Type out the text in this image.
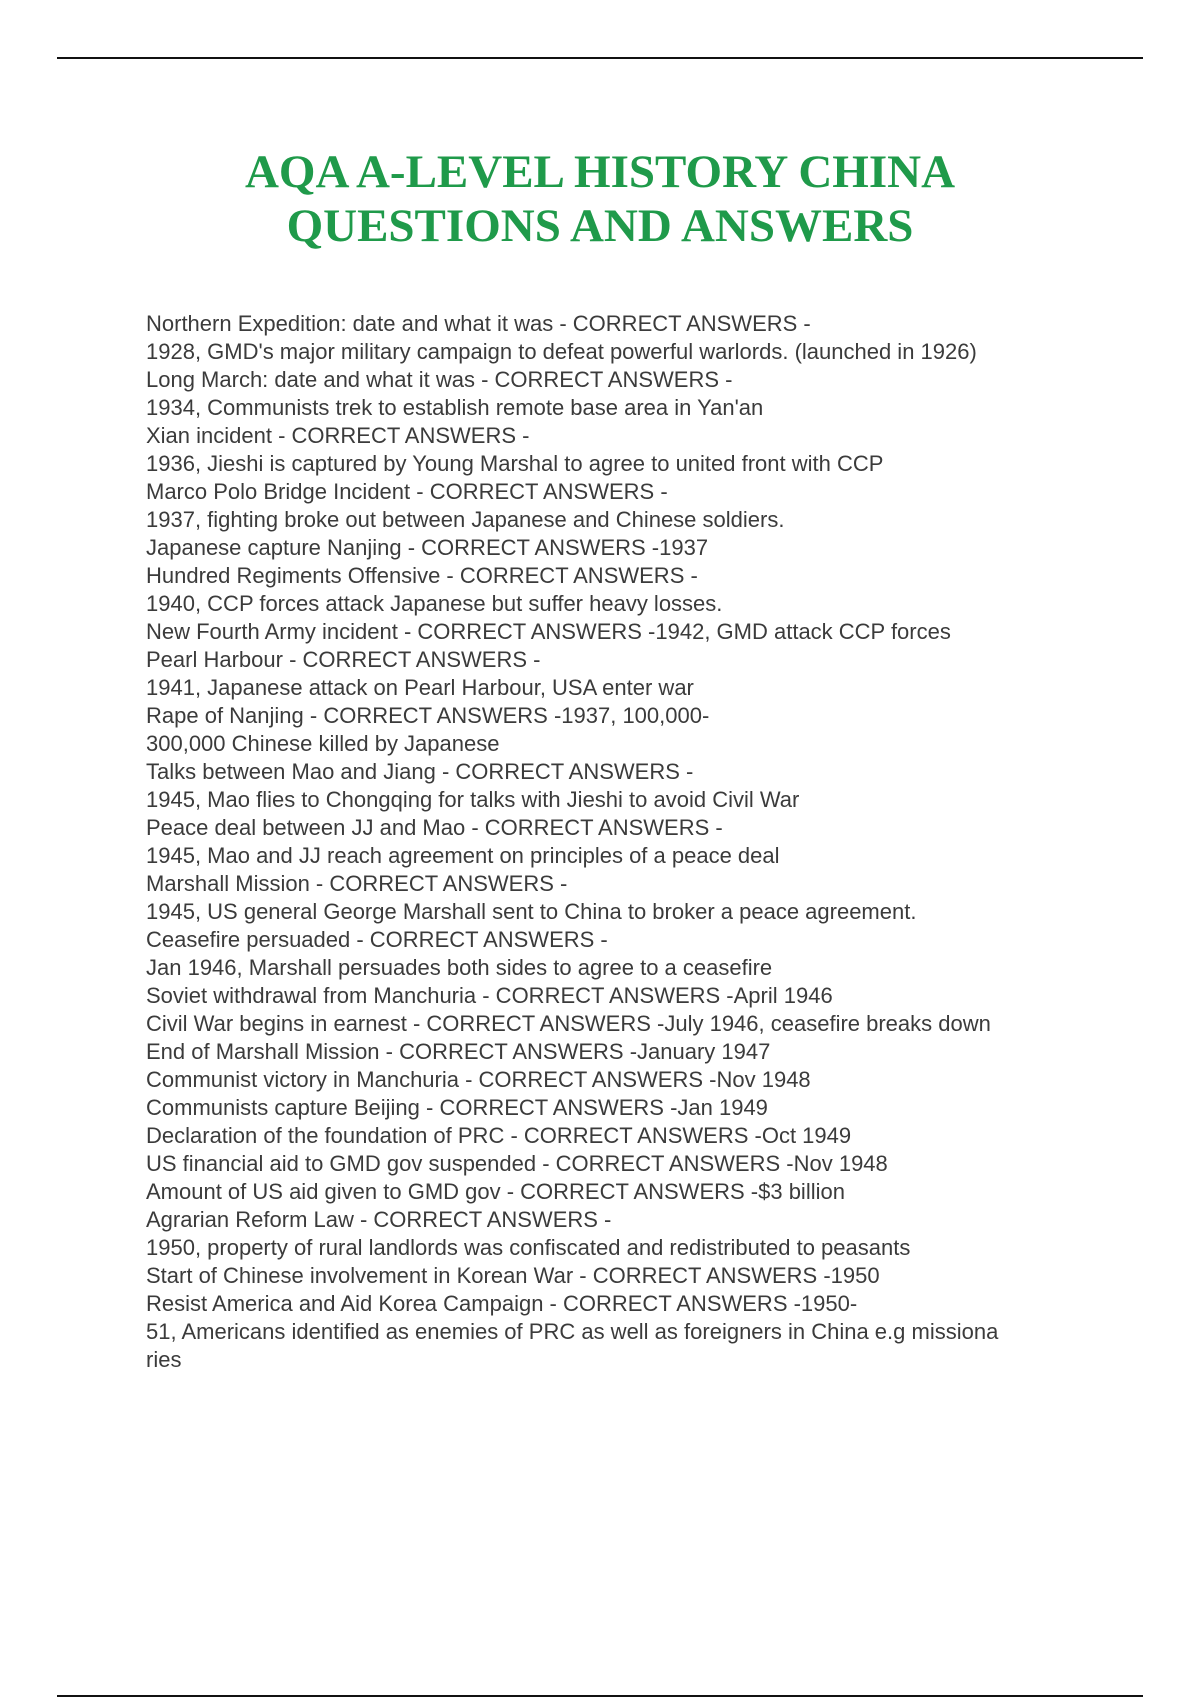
AQA A-LEVEL HISTORY CHINA
QUESTIONS AND ANSWERS
Northern Expedition: date and what it was - CORRECT ANSWERS -
1928, GMD's major military campaign to defeat powerful warlords. (launched in 1926)
Long March: date and what it was - CORRECT ANSWERS -
1934, Communists trek to establish remote base area in Yan'an
Xian incident - CORRECT ANSWERS -
1936, Jieshi is captured by Young Marshal to agree to united front with CCP
Marco Polo Bridge Incident - CORRECT ANSWERS -
1937, fighting broke out between Japanese and Chinese soldiers.
Japanese capture Nanjing - CORRECT ANSWERS -1937
Hundred Regiments Offensive - CORRECT ANSWERS -
1940, CCP forces attack Japanese but suffer heavy losses.
New Fourth Army incident - CORRECT ANSWERS -1942, GMD attack CCP forces
Pearl Harbour - CORRECT ANSWERS -
1941, Japanese attack on Pearl Harbour, USA enter war
Rape of Nanjing - CORRECT ANSWERS -1937, 100,000-
300,000 Chinese killed by Japanese
Talks between Mao and Jiang - CORRECT ANSWERS -
1945, Mao flies to Chongqing for talks with Jieshi to avoid Civil War
Peace deal between JJ and Mao - CORRECT ANSWERS -
1945, Mao and JJ reach agreement on principles of a peace deal
Marshall Mission - CORRECT ANSWERS -
1945, US general George Marshall sent to China to broker a peace agreement.
Ceasefire persuaded - CORRECT ANSWERS -
Jan 1946, Marshall persuades both sides to agree to a ceasefire
Soviet withdrawal from Manchuria - CORRECT ANSWERS -April 1946
Civil War begins in earnest - CORRECT ANSWERS -July 1946, ceasefire breaks down
End of Marshall Mission - CORRECT ANSWERS -January 1947
Communist victory in Manchuria - CORRECT ANSWERS -Nov 1948
Communists capture Beijing - CORRECT ANSWERS -Jan 1949
Declaration of the foundation of PRC - CORRECT ANSWERS -Oct 1949
US financial aid to GMD gov suspended - CORRECT ANSWERS -Nov 1948
Amount of US aid given to GMD gov - CORRECT ANSWERS -$3 billion
Agrarian Reform Law - CORRECT ANSWERS -
1950, property of rural landlords was confiscated and redistributed to peasants
Start of Chinese involvement in Korean War - CORRECT ANSWERS -1950
Resist America and Aid Korea Campaign - CORRECT ANSWERS -1950-
51, Americans identified as enemies of PRC as well as foreigners in China e.g missiona
ries
